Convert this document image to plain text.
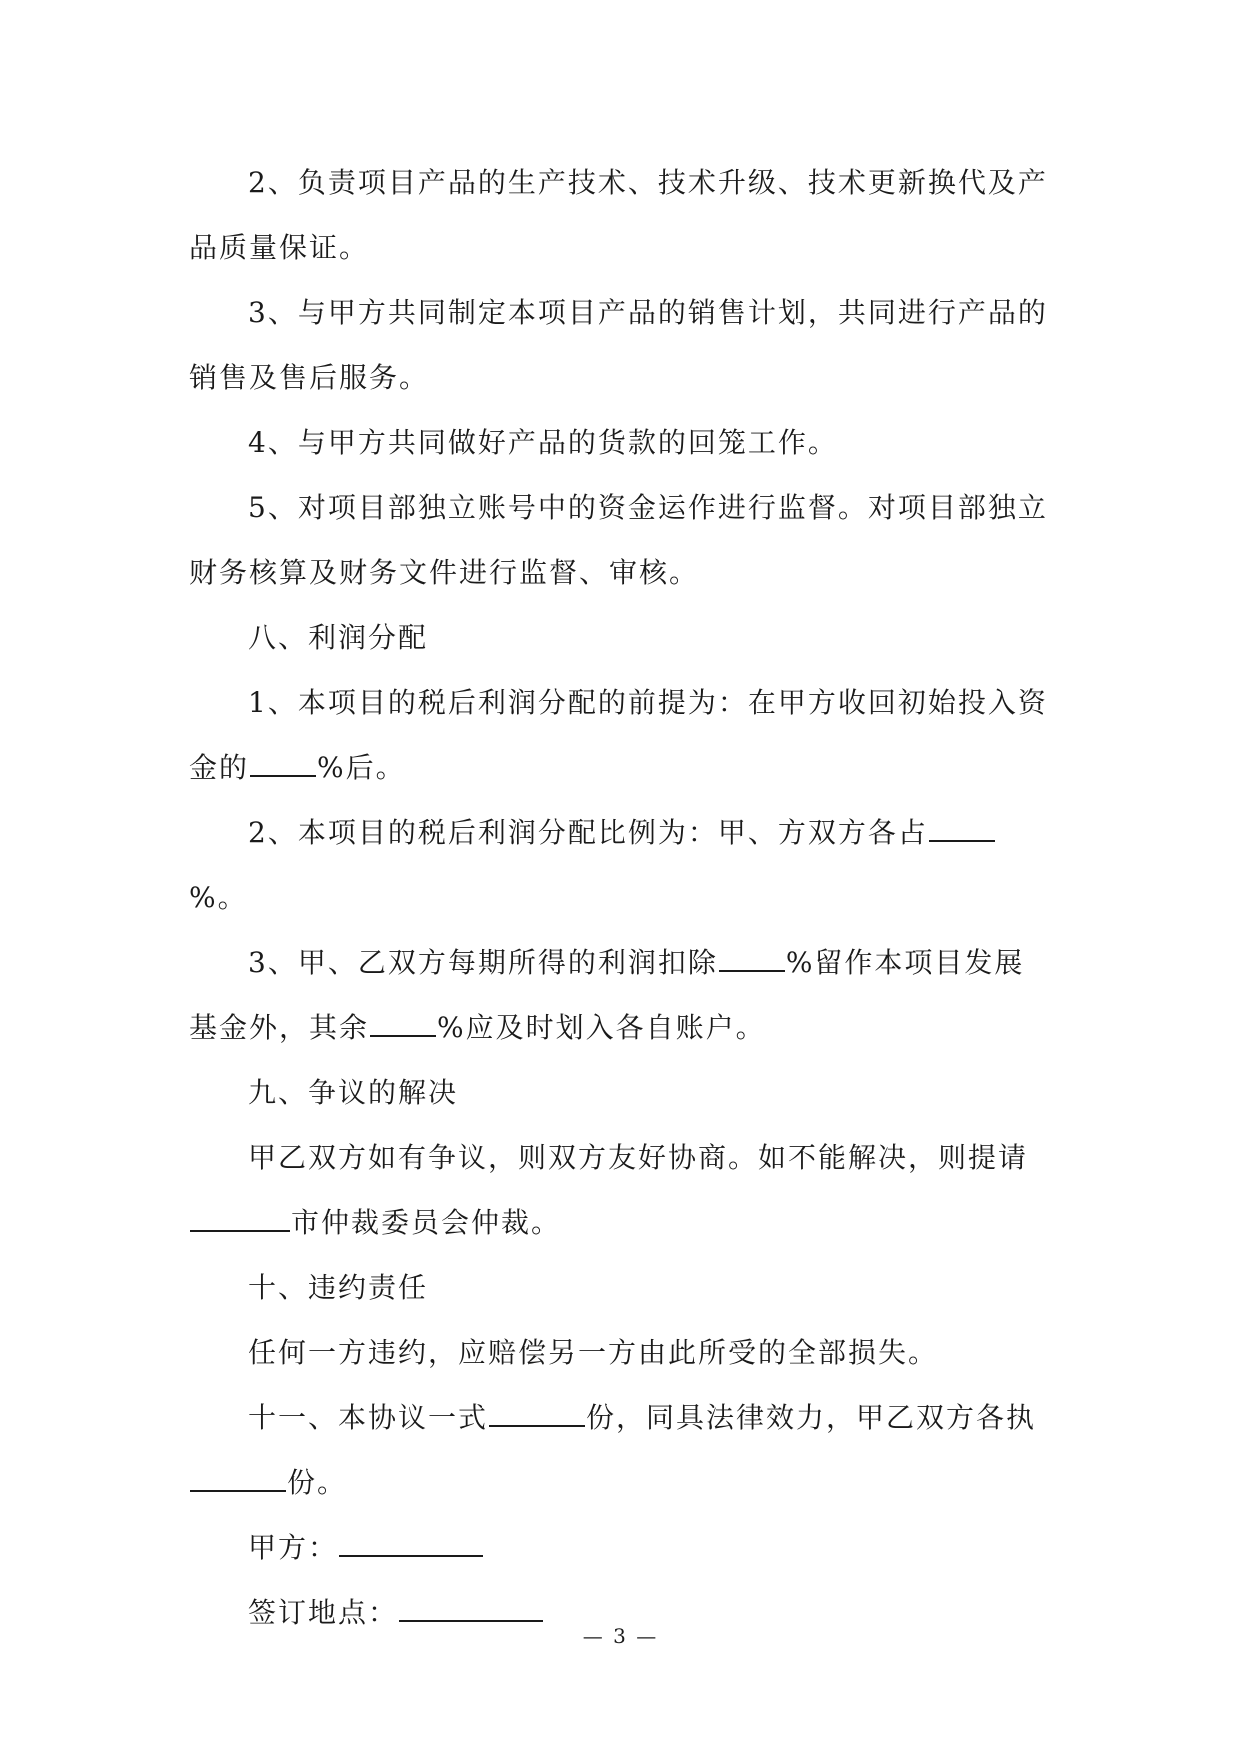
2、负责项目产品的生产技术、技术升级、技术更新换代及产品质量保证。

3、与甲方共同制定本项目产品的销售计划，共同进行产品的销售及售后服务。

4、与甲方共同做好产品的货款的回笼工作。

5、对项目部独立账号中的资金运作进行监督。对项目部独立财务核算及财务文件进行监督、审核。

八、利润分配

1、本项目的税后利润分配的前提为：在甲方收回初始投入资金的 %后。

2、本项目的税后利润分配比例为：甲、方双方各占%。

3、甲、乙双方每期所得的利润扣除 %留作本项目发展基金外，其余 %应及时划入各自账户。

九、争议的解决

甲乙双方如有争议，则双方友好协商。如不能解决，则提请市仲裁委员会仲裁。

十、违约责任

任何一方违约，应赔偿另一方由此所受的全部损失。

十一、本协议一式	份，同具法律效力，甲乙双方各执份。

甲方：

签订地点：

— 3 —
